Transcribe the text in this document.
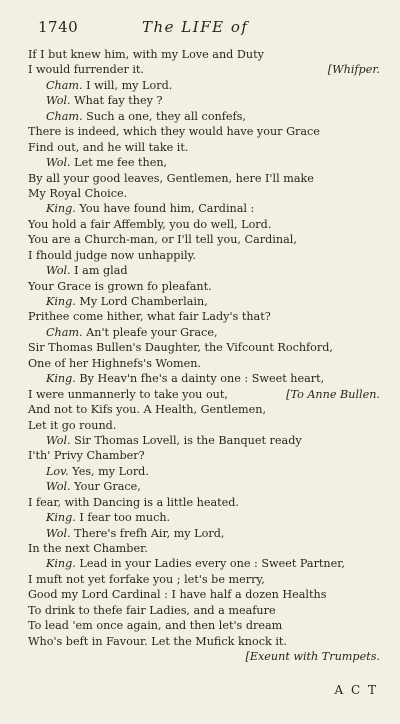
1740	The LIFE of
If I but knew him, with my Love and Duty
I would furrender it.	[Whifper.
Cham. I will, my Lord.
Wol. What fay they ?
Cham. Such a one, they all confefs,
There is indeed, which they would have your Grace
Find out, and he will take it.
Wol. Let me fee then,
By all your good leaves, Gentlemen, here I'll make
My Royal Choice.
King. You have found him, Cardinal :
You hold a fair Affembly, you do well, Lord.
You are a Church-man, or I'll tell you, Cardinal,
I fhould judge now unhappily.
Wol. I am glad
Your Grace is grown fo pleafant.
King. My Lord Chamberlain,
Prithee come hither, what fair Lady's that?
Cham. An't pleafe your Grace,
Sir Thomas Bullen's Daughter, the Vifcount Rochford,
One of her Highnefs's Women.
King. By Heav'n fhe's a dainty one : Sweet heart,
I were unmannerly to take you out,	[To Anne Bullen.
And not to Kifs you. A Health, Gentlemen,
Let it go round.
Wol. Sir Thomas Lovell, is the Banquet ready
I'th' Privy Chamber?
Lov. Yes, my Lord.
Wol. Your Grace,
I fear, with Dancing is a little heated.
King. I fear too much.
Wol. There's frefh Air, my Lord,
In the next Chamber.
King. Lead in your Ladies every one : Sweet Partner,
I muft not yet forfake you ; let's be merry,
Good my Lord Cardinal : I have half a dozen Healths
To drink to thefe fair Ladies, and a meafure
To lead 'em once again, and then let's dream
Who's beft in Favour. Let the Mufick knock it.
[Exeunt with Trumpets.
A C T
